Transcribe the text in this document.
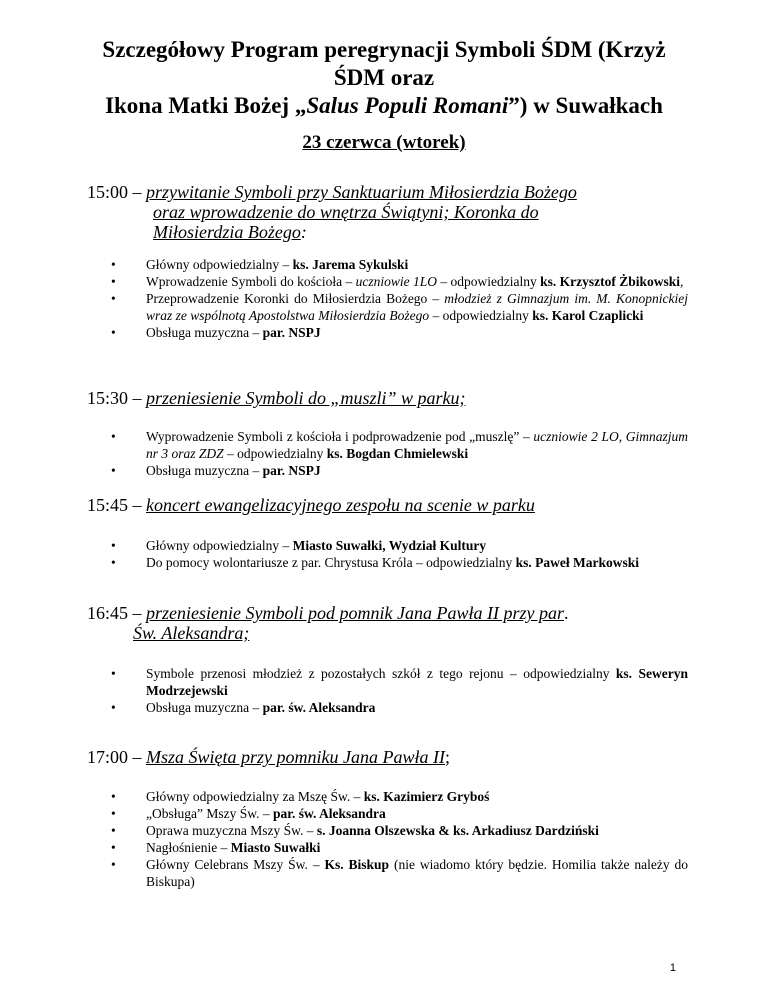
Szczegółowy Program peregrynacji Symboli ŚDM (Krzyż
ŚDM oraz
Ikona Matki Bożej „Salus Populi Romani”) w Suwałkach
23 czerwca (wtorek)
15:00 – przywitanie Symboli przy Sanktuarium Miłosierdzia Bożego
oraz wprowadzenie do wnętrza Świątyni; Koronka do
Miłosierdzia Bożego:
• Główny odpowiedzialny – ks. Jarema Sykulski
• Wprowadzenie Symboli do kościoła – uczniowie 1LO – odpowiedzialny ks. Krzysztof Żbikowski,
• Przeprowadzenie Koronki do Miłosierdzia Bożego – młodzież z Gimnazjum im. M. Konopnickiej wraz ze wspólnotą Apostolstwa Miłosierdzia Bożego – odpowiedzialny ks. Karol Czaplicki
• Obsługa muzyczna – par. NSPJ
15:30 – przeniesienie Symboli do „muszli” w parku;
• Wyprowadzenie Symboli z kościoła i podprowadzenie pod „muszlę” – uczniowie 2 LO, Gimnazjum nr 3 oraz ZDZ – odpowiedzialny ks. Bogdan Chmielewski
• Obsługa muzyczna – par. NSPJ
15:45 – koncert ewangelizacyjnego zespołu na scenie w parku
• Główny odpowiedzialny – Miasto Suwałki, Wydział Kultury
• Do pomocy wolontariusze z par. Chrystusa Króla – odpowiedzialny ks. Paweł Markowski
16:45 – przeniesienie Symboli pod pomnik Jana Pawła II przy par.
Św. Aleksandra;
• Symbole przenosi młodzież z pozostałych szkół z tego rejonu – odpowiedzialny ks. Seweryn Modrzejewski
• Obsługa muzyczna – par. św. Aleksandra
17:00 – Msza Święta przy pomniku Jana Pawła II;
• Główny odpowiedzialny za Mszę Św. – ks. Kazimierz Gryboś
• „Obsługa” Mszy Św. – par. św. Aleksandra
• Oprawa muzyczna Mszy Św. – s. Joanna Olszewska & ks. Arkadiusz Dardziński
• Nagłośnienie – Miasto Suwałki
• Główny Celebrans Mszy Św. – Ks. Biskup (nie wiadomo który będzie. Homilia także należy do Biskupa)
1
